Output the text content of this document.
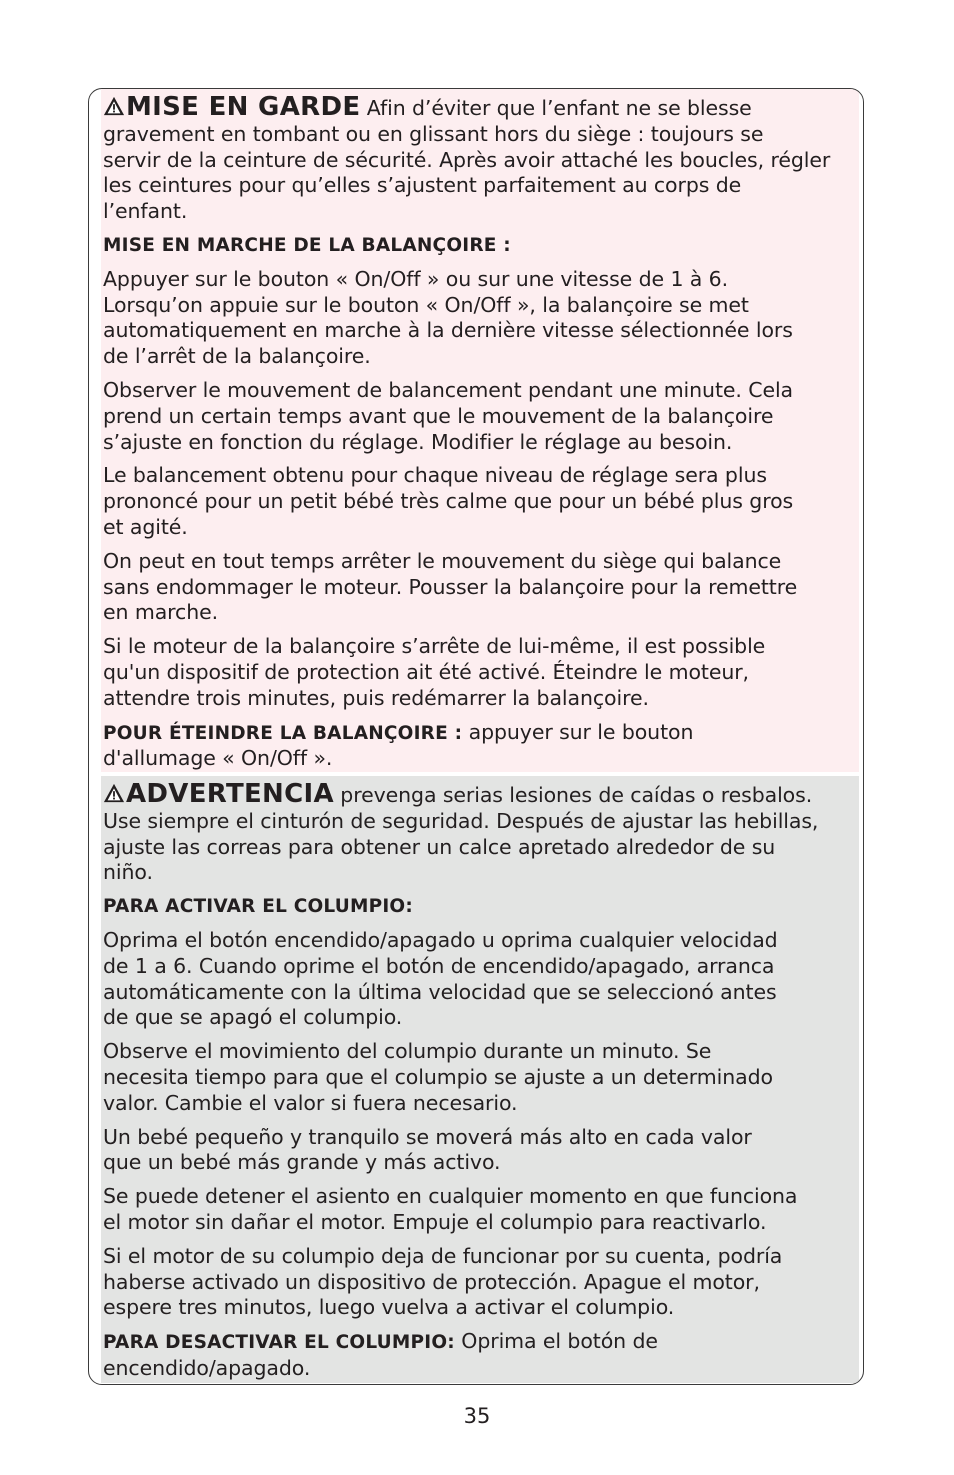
MISE EN GARDE Afin d’éviter que l’enfant ne se blesse
gravement en tombant ou en glissant hors du siège : toujours se
servir de la ceinture de sécurité. Après avoir attaché les boucles, régler
les ceintures pour qu’elles s’ajustent parfaitement au corps de
l’enfant.

MISE EN MARCHE DE LA BALANÇOIRE :

Appuyer sur le bouton « On/Off » ou sur une vitesse de 1 à 6.
Lorsqu’on appuie sur le bouton « On/Off », la balançoire se met
automatiquement en marche à la dernière vitesse sélectionnée lors
de l’arrêt de la balançoire.

Observer le mouvement de balancement pendant une minute. Cela
prend un certain temps avant que le mouvement de la balançoire
s’ajuste en fonction du réglage. Modifier le réglage au besoin.

Le balancement obtenu pour chaque niveau de réglage sera plus
prononcé pour un petit bébé très calme que pour un bébé plus gros
et agité.

On peut en tout temps arrêter le mouvement du siège qui balance
sans endommager le moteur. Pousser la balançoire pour la remettre
en marche.

Si le moteur de la balançoire s’arrête de lui-même, il est possible
qu'un dispositif de protection ait été activé. Éteindre le moteur,
attendre trois minutes, puis redémarrer la balançoire.

POUR ÉTEINDRE LA BALANÇOIRE : appuyer sur le bouton
d'allumage « On/Off ».

ADVERTENCIA prevenga serias lesiones de caídas o resbalos.
Use siempre el cinturón de seguridad. Después de ajustar las hebillas,
ajuste las correas para obtener un calce apretado alrededor de su
niño.

PARA ACTIVAR EL COLUMPIO:

Oprima el botón encendido/apagado u oprima cualquier velocidad
de 1 a 6. Cuando oprime el botón de encendido/apagado, arranca
automáticamente con la última velocidad que se seleccionó antes
de que se apagó el columpio.

Observe el movimiento del columpio durante un minuto. Se
necesita tiempo para que el columpio se ajuste a un determinado
valor. Cambie el valor si fuera necesario.

Un bebé pequeño y tranquilo se moverá más alto en cada valor
que un bebé más grande y más activo.

Se puede detener el asiento en cualquier momento en que funciona
el motor sin dañar el motor. Empuje el columpio para reactivarlo.

Si el motor de su columpio deja de funcionar por su cuenta, podría
haberse activado un dispositivo de protección. Apague el motor,
espere tres minutos, luego vuelva a activar el columpio.

PARA DESACTIVAR EL COLUMPIO: Oprima el botón de
encendido/apagado.

35
